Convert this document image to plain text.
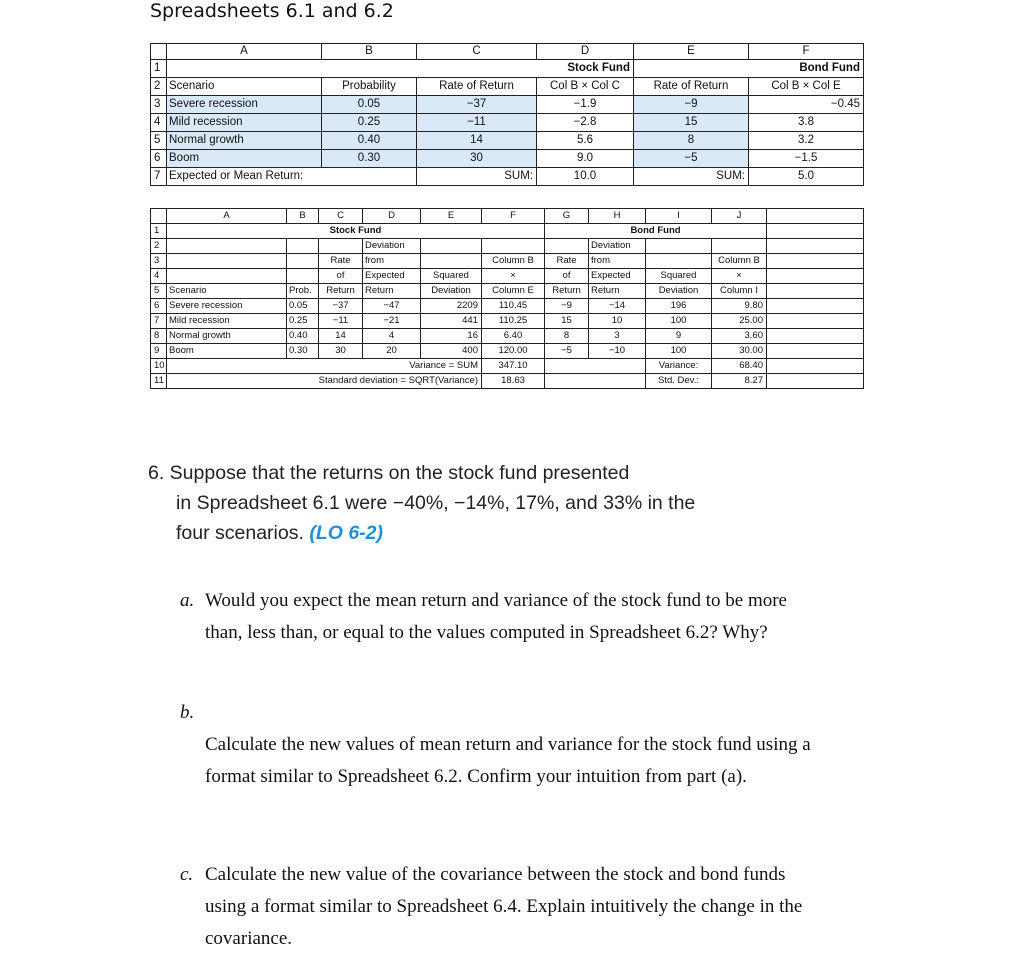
Spreadsheets 6.1 and 6.2
	A	B	C	D	E	F
1	Stock Fund				Bond Fund	
2	Scenario	Probability	Rate of Return	Col B × Col C	Rate of Return	Col B × Col E
3	Severe recession	0.05	−37	−1.9	−9	−0.45
4	Mild recession	0.25	−11	−2.8	15	3.8
5	Normal growth	0.40	14	5.6	8	3.2
6	Boom	0.30	30	9.0	−5	−1.5
7	Expected or Mean Return:		SUM:	10.0	SUM:	5.0
	A	B	C	D	E	F	G	H	I	J	
1	Stock Fund						Bond Fund				
2				Deviation				Deviation			
3			Rate	from		Column B	Rate	from		Column B	
4			of	Expected	Squared	×	of	Expected	Squared	×	
5	Scenario	Prob.	Return	Return	Deviation	Column E	Return	Return	Deviation	Column I	
6	Severe recession	0.05	−37	−47	2209	110.45	−9	−14	196	9.80	
7	Mild recession	0.25	−11	−21	441	110.25	15	10	100	25.00	
8	Normal growth	0.40	14	4	16	6.40	8	3	9	3.60	
9	Boom	0.30	30	20	400	120.00	−5	−10	100	30.00	
10	Variance = SUM					347.10			Variance:	68.40	
11	Standard deviation = SQRT(Variance)					18.63			Std. Dev.:	8.27	
6. Suppose that the returns on the stock fund presented
in Spreadsheet 6.1 were −40%, −14%, 17%, and 33% in the
four scenarios. (LO 6-2)
a. Would you expect the mean return and variance of the stock fund to be more than, less than, or equal to the values computed in Spreadsheet 6.2? Why?
b.
Calculate the new values of mean return and variance for the stock fund using a format similar to Spreadsheet 6.2. Confirm your intuition from part (a).
c. Calculate the new value of the covariance between the stock and bond funds using a format similar to Spreadsheet 6.4. Explain intuitively the change in the covariance.
